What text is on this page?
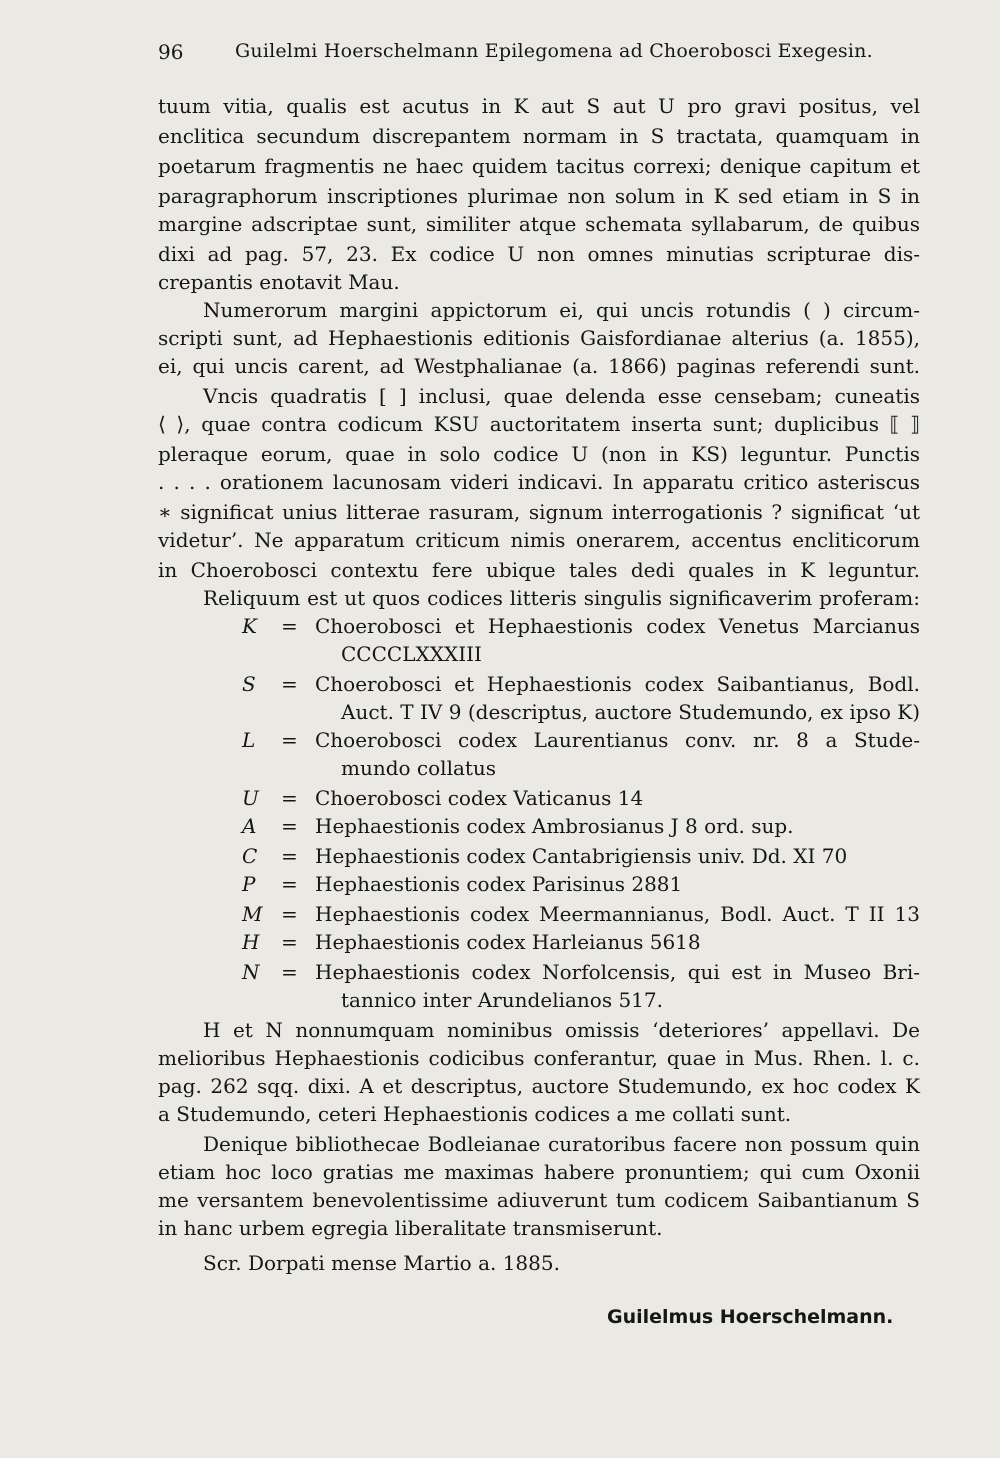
96	Guilelmi Hoerschelmann Epilegomena ad Choerobosci Exegesin.

tuum vitia, qualis est acutus in K aut S aut U pro gravi positus, vel

enclitica secundum discrepantem normam in S tractata, quamquam in

poetarum fragmentis ne haec quidem tacitus correxi; denique capitum et

paragraphorum inscriptiones plurimae non solum in K sed etiam in S in

margine adscriptae sunt, similiter atque schemata syllabarum, de quibus

dixi ad pag. 57, 23. Ex codice U non omnes minutias scripturae dis-

crepantis enotavit Mau.

Numerorum margini appictorum ei, qui uncis rotundis ( ) circum-

scripti sunt, ad Hephaestionis editionis Gaisfordianae alterius (a. 1855),

ei, qui uncis carent, ad Westphalianae (a. 1866) paginas referendi sunt.

Vncis quadratis [ ] inclusi, quae delenda esse censebam; cuneatis

⟨ ⟩, quae contra codicum KSU auctoritatem inserta sunt; duplicibus ⟦ ⟧

pleraque eorum, quae in solo codice U (non in KS) leguntur. Punctis

. . . . orationem lacunosam videri indicavi. In apparatu critico asteriscus

∗ significat unius litterae rasuram, signum interrogationis ? significat ‘ut

videtur’. Ne apparatum criticum nimis onerarem, accentus encliticorum

in Choerobosci contextu fere ubique tales dedi quales in K leguntur.

Reliquum est ut quos codices litteris singulis significaverim proferam:

K = Choerobosci et Hephaestionis codex Venetus Marcianus
CCCCLXXXIII
S = Choerobosci et Hephaestionis codex Saibantianus, Bodl.
Auct. T IV 9 (descriptus, auctore Studemundo, ex ipso K)
L = Choerobosci codex Laurentianus conv. nr. 8 a Stude-
mundo collatus
U = Choerobosci codex Vaticanus 14
A = Hephaestionis codex Ambrosianus J 8 ord. sup.
C = Hephaestionis codex Cantabrigiensis univ. Dd. XI 70
P = Hephaestionis codex Parisinus 2881
M = Hephaestionis codex Meermannianus, Bodl. Auct. T II 13
H = Hephaestionis codex Harleianus 5618
N = Hephaestionis codex Norfolcensis, qui est in Museo Bri-
tannico inter Arundelianos 517.

H et N nonnumquam nominibus omissis ‘deteriores’ appellavi. De

melioribus Hephaestionis codicibus conferantur, quae in Mus. Rhen. l. c.

pag. 262 sqq. dixi. A et descriptus, auctore Studemundo, ex hoc codex K

a Studemundo, ceteri Hephaestionis codices a me collati sunt.

Denique bibliothecae Bodleianae curatoribus facere non possum quin

etiam hoc loco gratias me maximas habere pronuntiem; qui cum Oxonii

me versantem benevolentissime adiuverunt tum codicem Saibantianum S

in hanc urbem egregia liberalitate transmiserunt.

Scr. Dorpati mense Martio a. 1885.
Guilelmus Hoerschelmann.
